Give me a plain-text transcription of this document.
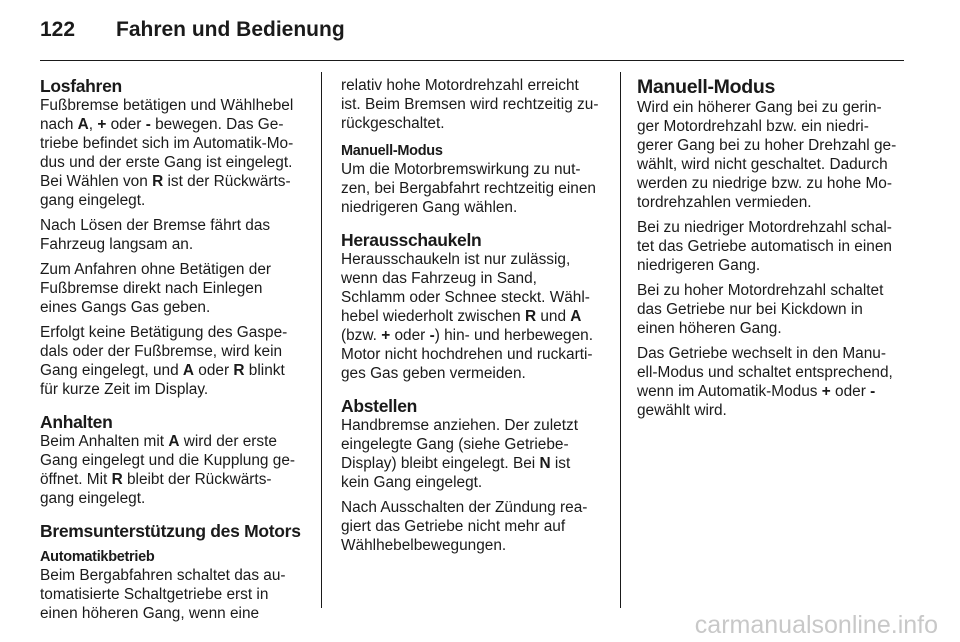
122 Fahren und Bedienung
Losfahren
Fußbremse betätigen und Wählhebel
nach A, + oder - bewegen. Das Ge-
triebe befindet sich im Automatik-Mo-
dus und der erste Gang ist eingelegt.
Bei Wählen von R ist der Rückwärts-
gang eingelegt.
Nach Lösen der Bremse fährt das
Fahrzeug langsam an.
Zum Anfahren ohne Betätigen der
Fußbremse direkt nach Einlegen
eines Gangs Gas geben.
Erfolgt keine Betätigung des Gaspe-
dals oder der Fußbremse, wird kein
Gang eingelegt, und A oder R blinkt
für kurze Zeit im Display.
Anhalten
Beim Anhalten mit A wird der erste
Gang eingelegt und die Kupplung ge-
öffnet. Mit R bleibt der Rückwärts-
gang eingelegt.
Bremsunterstützung des Motors
Automatikbetrieb
Beim Bergabfahren schaltet das au-
tomatisierte Schaltgetriebe erst in
einen höheren Gang, wenn eine
relativ hohe Motordrehzahl erreicht
ist. Beim Bremsen wird rechtzeitig zu-
rückgeschaltet.
Manuell-Modus
Um die Motorbremswirkung zu nut-
zen, bei Bergabfahrt rechtzeitig einen
niedrigeren Gang wählen.
Herausschaukeln
Herausschaukeln ist nur zulässig,
wenn das Fahrzeug in Sand,
Schlamm oder Schnee steckt. Wähl-
hebel wiederholt zwischen R und A
(bzw. + oder -) hin- und herbewegen.
Motor nicht hochdrehen und ruckarti-
ges Gas geben vermeiden.
Abstellen
Handbremse anziehen. Der zuletzt
eingelegte Gang (siehe Getriebe-
Display) bleibt eingelegt. Bei N ist
kein Gang eingelegt.
Nach Ausschalten der Zündung rea-
giert das Getriebe nicht mehr auf
Wählhebelbewegungen.
Manuell-Modus
Wird ein höherer Gang bei zu gerin-
ger Motordrehzahl bzw. ein niedri-
gerer Gang bei zu hoher Drehzahl ge-
wählt, wird nicht geschaltet. Dadurch
werden zu niedrige bzw. zu hohe Mo-
tordrehzahlen vermieden.
Bei zu niedriger Motordrehzahl schal-
tet das Getriebe automatisch in einen
niedrigeren Gang.
Bei zu hoher Motordrehzahl schaltet
das Getriebe nur bei Kickdown in
einen höheren Gang.
Das Getriebe wechselt in den Manu-
ell-Modus und schaltet entsprechend,
wenn im Automatik-Modus + oder -
gewählt wird.
carmanualsonline.info
